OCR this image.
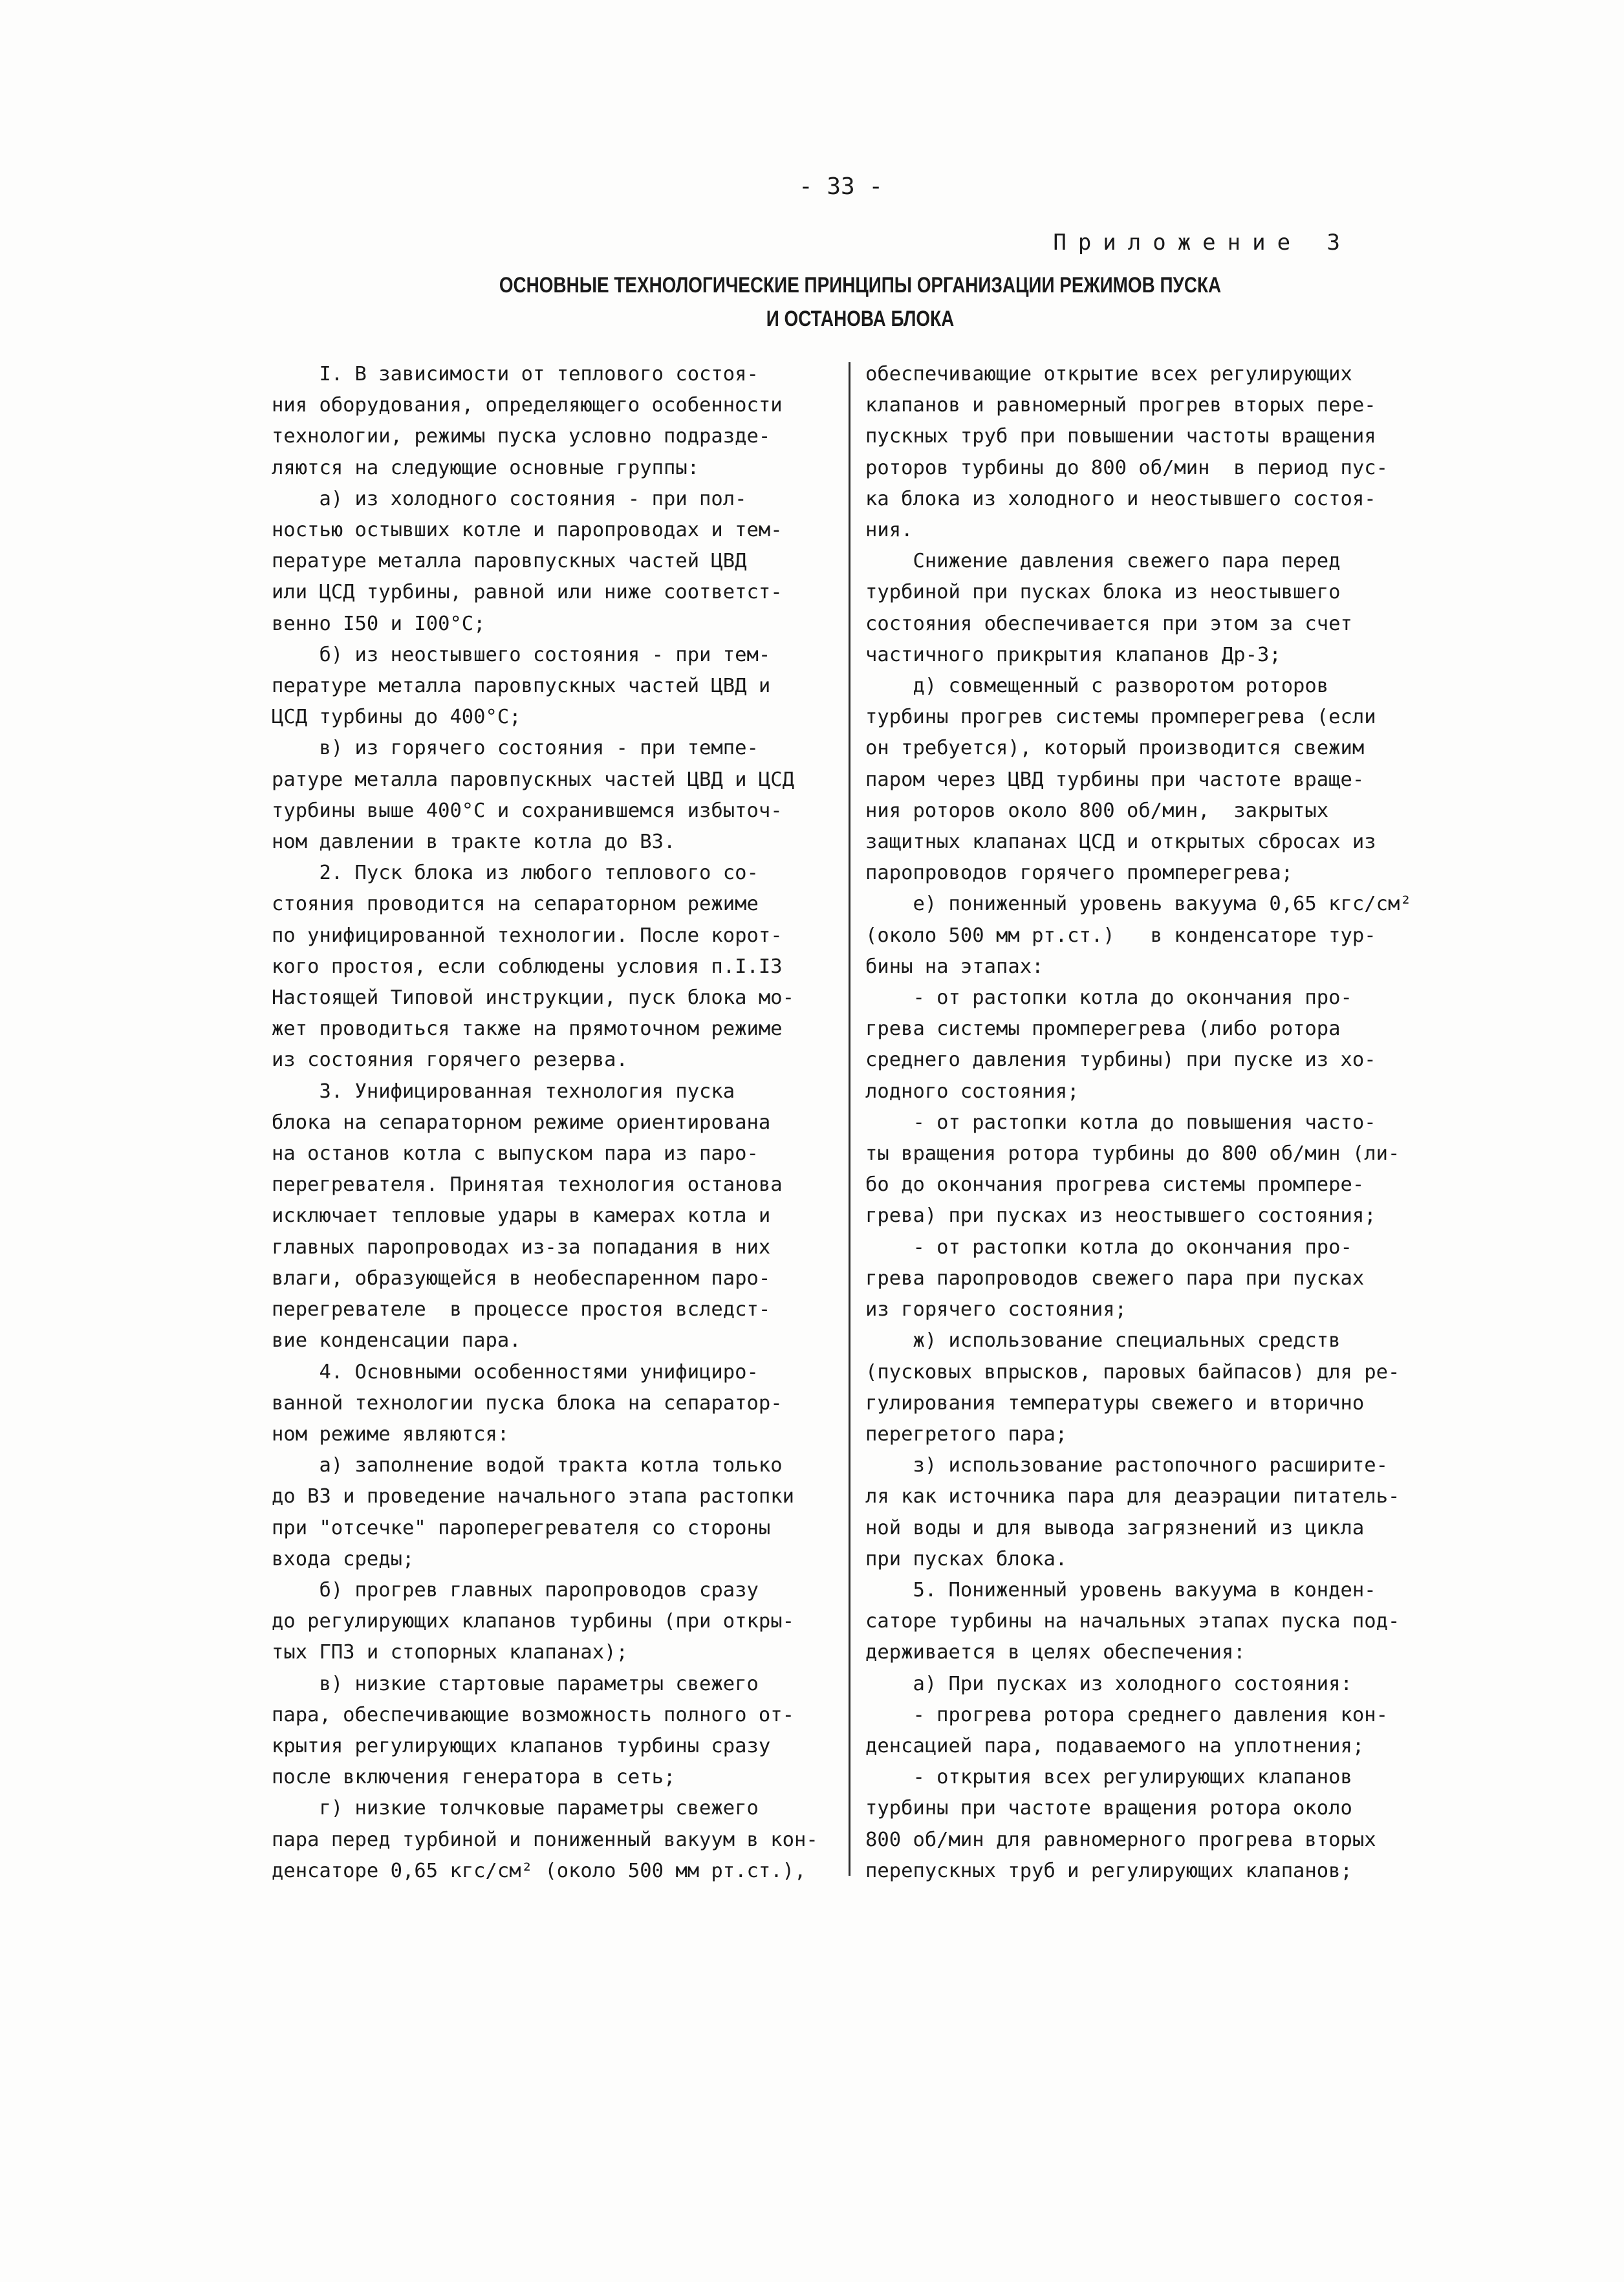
- 33 -
Приложение 3
ОСНОВНЫЕ ТЕХНОЛОГИЧЕСКИЕ ПРИНЦИПЫ ОРГАНИЗАЦИИ РЕЖИМОВ ПУСКА
И ОСТАНОВА БЛОКА

I. В зависимости от теплового состоя-

ния оборудования, определяющего особенности

технологии, режимы пуска условно подразде-

ляются на следующие основные группы:

а) из холодного состояния - при пол-

ностью остывших котле и паропроводах и тем-

пературе металла паровпускных частей ЦВД

или ЦСД турбины, равной или ниже соответст-

венно I50 и I00°С;

б) из неостывшего состояния - при тем-

пературе металла паровпускных частей ЦВД и

ЦСД турбины до 400°С;

в) из горячего состояния - при темпе-

ратуре металла паровпускных частей ЦВД и ЦСД

турбины выше 400°С и сохранившемся избыточ-

ном давлении в тракте котла до ВЗ.

2. Пуск блока из любого теплового со-

стояния проводится на сепараторном режиме

по унифицированной технологии. После корот-

кого простоя, если соблюдены условия п.I.I3

Настоящей Типовой инструкции, пуск блока мо-

жет проводиться также на прямоточном режиме

из состояния горячего резерва.

3. Унифицированная технология пуска

блока на сепараторном режиме ориентирована

на останов котла с выпуском пара из паро-

перегревателя. Принятая технология останова

исключает тепловые удары в камерах котла и

главных паропроводах из-за попадания в них

влаги, образующейся в необеспаренном паро-

перегревателе  в процессе простоя вследст-

вие конденсации пара.

4. Основными особенностями унифициро-

ванной технологии пуска блока на сепаратор-

ном режиме являются:

а) заполнение водой тракта котла только

до ВЗ и проведение начального этапа растопки

при "отсечке" пароперегревателя со стороны

входа среды;

б) прогрев главных паропроводов сразу

до регулирующих клапанов турбины (при откры-

тых ГПЗ и стопорных клапанах);

в) низкие стартовые параметры свежего

пара, обеспечивающие возможность полного от-

крытия регулирующих клапанов турбины сразу

после включения генератора в сеть;

г) низкие толчковые параметры свежего

пара перед турбиной и пониженный вакуум в кон-

денсаторе 0,65 кгс/см² (около 500 мм рт.ст.),

обеспечивающие открытие всех регулирующих

клапанов и равномерный прогрев вторых пере-

пускных труб при повышении частоты вращения

роторов турбины до 800 об/мин  в период пус-

ка блока из холодного и неостывшего состоя-

ния.

Снижение давления свежего пара перед

турбиной при пусках блока из неостывшего

состояния обеспечивается при этом за счет

частичного прикрытия клапанов Др-3;

д) совмещенный с разворотом роторов

турбины прогрев системы промперегрева (если

он требуется), который производится свежим

паром через ЦВД турбины при частоте враще-

ния роторов около 800 об/мин,  закрытых

защитных клапанах ЦСД и открытых сбросах из

паропроводов горячего промперегрева;

е) пониженный уровень вакуума 0,65 кгс/см²

(около 500 мм рт.ст.)   в конденсаторе тур-

бины на этапах:

- от растопки котла до окончания про-

грева системы промперегрева (либо ротора

среднего давления турбины) при пуске из хо-

лодного состояния;

- от растопки котла до повышения часто-

ты вращения ротора турбины до 800 об/мин (ли-

бо до окончания прогрева системы промпере-

грева) при пусках из неостывшего состояния;

- от растопки котла до окончания про-

грева паропроводов свежего пара при пусках

из горячего состояния;

ж) использование специальных средств

(пусковых впрысков, паровых байпасов) для ре-

гулирования температуры свежего и вторично

перегретого пара;

з) использование растопочного расширите-

ля как источника пара для деаэрации питатель-

ной воды и для вывода загрязнений из цикла

при пусках блока.

5. Пониженный уровень вакуума в конден-

саторе турбины на начальных этапах пуска под-

держивается в целях обеспечения:

а) При пусках из холодного состояния:

- прогрева ротора среднего давления кон-

денсацией пара, подаваемого на уплотнения;

- открытия всех регулирующих клапанов

турбины при частоте вращения ротора около

800 об/мин для равномерного прогрева вторых

перепускных труб и регулирующих клапанов;
